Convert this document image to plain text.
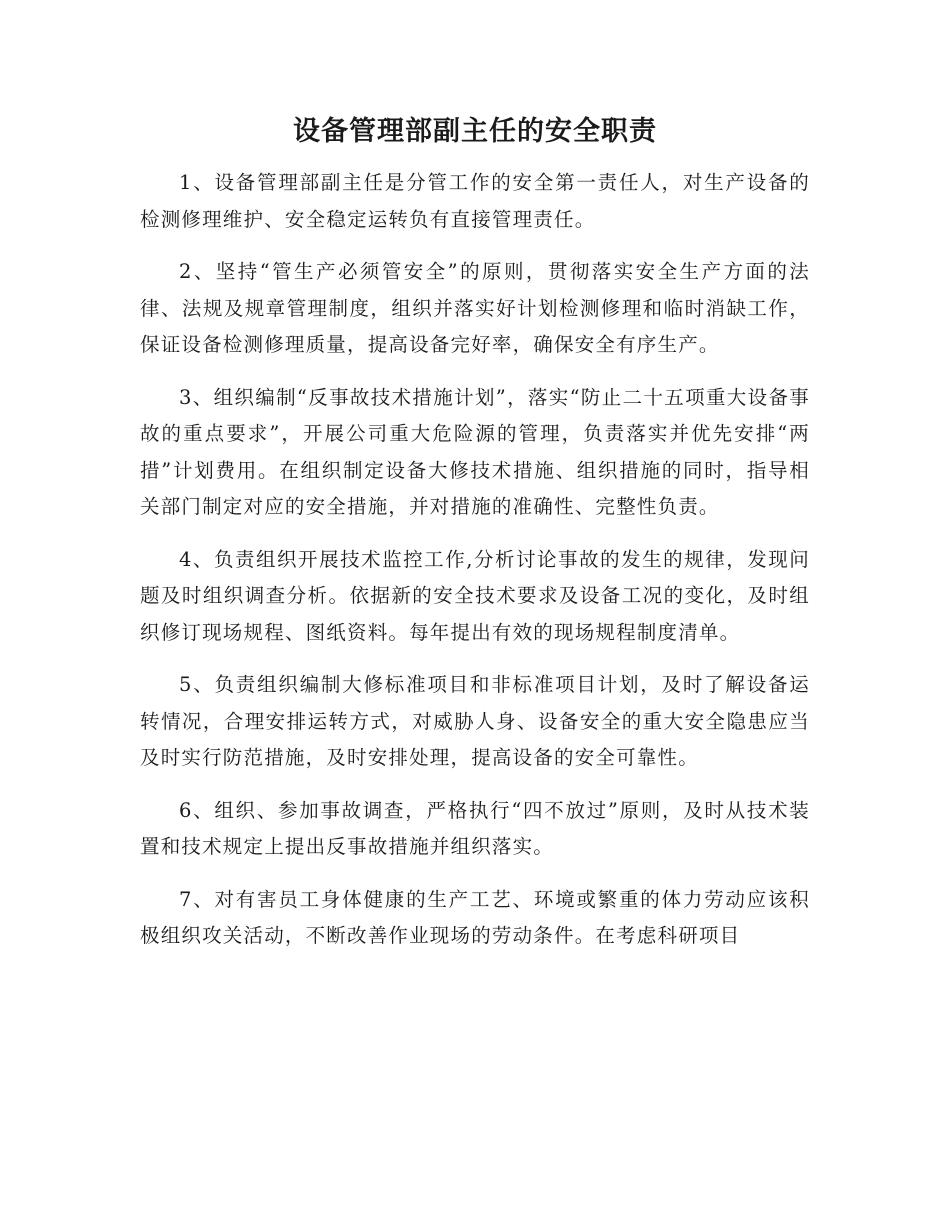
设备管理部副主任的安全职责

1、设备管理部副主任是分管工作的安全第一责任人，对生产设备的检测修理维护、安全稳定运转负有直接管理责任。

2、坚持“管生产必须管安全”的原则，贯彻落实安全生产方面的法律、法规及规章管理制度，组织并落实好计划检测修理和临时消缺工作，保证设备检测修理质量，提高设备完好率，确保安全有序生产。

3、组织编制“反事故技术措施计划”，落实“防止二十五项重大设备事故的重点要求”，开展公司重大危险源的管理，负责落实并优先安排“两措”计划费用。在组织制定设备大修技术措施、组织措施的同时，指导相关部门制定对应的安全措施，并对措施的准确性、完整性负责。

4、负责组织开展技术监控工作,分析讨论事故的发生的规律，发现问题及时组织调查分析。依据新的安全技术要求及设备工况的变化，及时组织修订现场规程、图纸资料。每年提出有效的现场规程制度清单。

5、负责组织编制大修标准项目和非标准项目计划，及时了解设备运转情况，合理安排运转方式，对威胁人身、设备安全的重大安全隐患应当及时实行防范措施，及时安排处理，提高设备的安全可靠性。

6、组织、参加事故调查，严格执行“四不放过”原则，及时从技术装置和技术规定上提出反事故措施并组织落实。

7、对有害员工身体健康的生产工艺、环境或繁重的体力劳动应该积极组织攻关活动，不断改善作业现场的劳动条件。在考虑科研项目
